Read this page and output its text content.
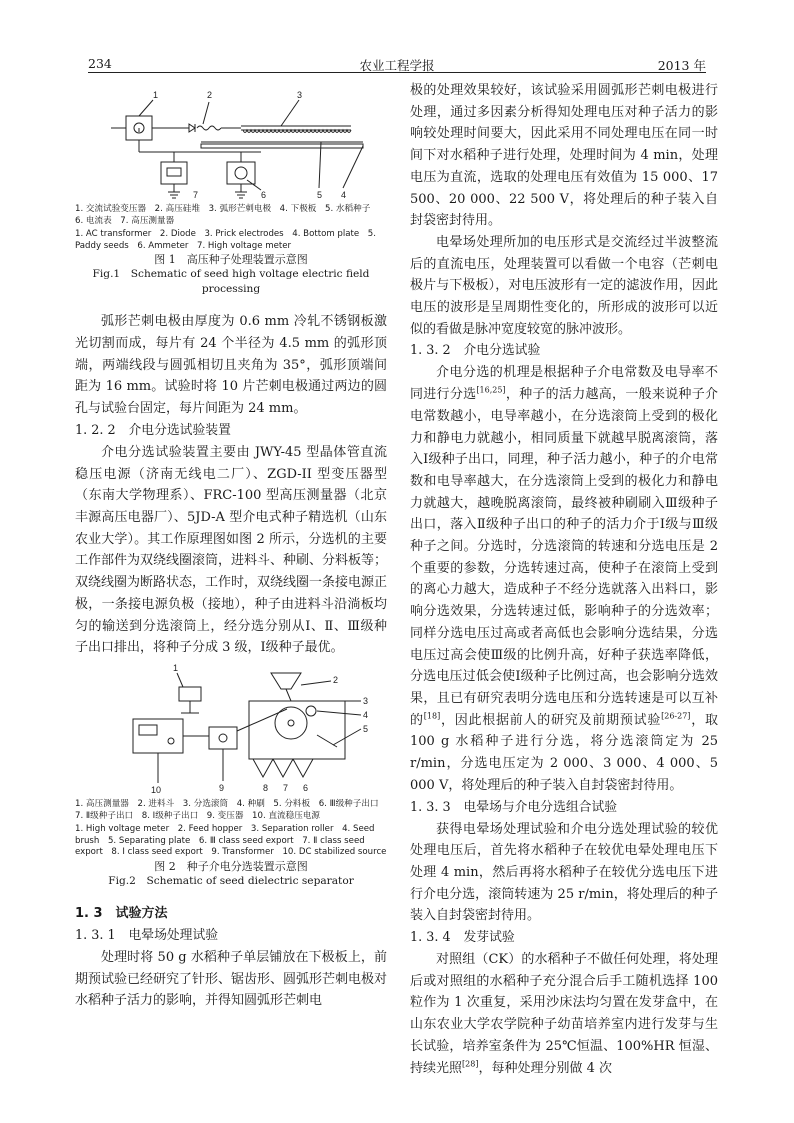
234	农业工程学报	2013 年
1	2	3
4
5
6
7
1. 交流试验变压器　2. 高压硅堆　3. 弧形芒刺电极　4. 下极板　5. 水稻种子　6. 电流表　7. 高压测量器
1. AC transformer　2. Diode　3. Prick electrodes　4. Bottom plate　5. Paddy seeds　6. Ammeter　7. High voltage meter
图 1　高压种子处理装置示意图
Fig.1　Schematic of seed high voltage electric field processing

弧形芒刺电极由厚度为 0.6 mm 冷轧不锈钢板激光切割而成，每片有 24 个半径为 4.5 mm 的弧形顶端，两端线段与圆弧相切且夹角为 35°，弧形顶端间距为 16 mm。试验时将 10 片芒刺电极通过两边的圆孔与试验台固定，每片间距为 24 mm。

1. 2. 2　介电分选试验装置

介电分选试验装置主要由 JWY-45 型晶体管直流稳压电源（济南无线电二厂）、ZGD-II 型变压器型（东南大学物理系）、FRC-100 型高压测量器（北京丰源高压电器厂）、5JD-A 型介电式种子精选机（山东农业大学）。其工作原理图如图 2 所示，分选机的主要工作部件为双绕线圈滚筒，进料斗、种刷、分料板等；双绕线圈为断路状态，工作时，双绕线圈一条接电源正极，一条接电源负极（接地），种子由进料斗沿淌板均匀的输送到分选滚筒上，经分选分别从Ⅰ、Ⅱ、Ⅲ级种子出口排出，将种子分成 3 级，Ⅰ级种子最优。

1
2
3
4
5
6
7
8
9
10
1. 高压测量器　2. 进料斗　3. 分选滚筒　4. 种刷　5. 分料板　6. Ⅲ级种子出口　7. Ⅱ级种子出口　8. Ⅰ级种子出口　9. 变压器　10. 直流稳压电源
1. High voltage meter　2. Feed hopper　3. Separation roller　4. Seed brush　5. Separating plate　6. Ⅲ class seed export　7. Ⅱ class seed export　8. Ⅰ class seed export　9. Transformer　10. DC stabilized source
图 2　种子介电分选装置示意图
Fig.2　Schematic of seed dielectric separator
1. 3　试验方法
1. 3. 1　电晕场处理试验

处理时将 50 g 水稻种子单层铺放在下极板上，前期预试验已经研究了针形、锯齿形、圆弧形芒刺电极对水稻种子活力的影响，并得知圆弧形芒刺电

极的处理效果较好，该试验采用圆弧形芒刺电极进行处理，通过多因素分析得知处理电压对种子活力的影响较处理时间要大，因此采用不同处理电压在同一时间下对水稻种子进行处理，处理时间为 4 min，处理电压为直流，选取的处理电压有效值为 15 000、17 500、20 000、22 500 V，将处理后的种子装入自封袋密封待用。

电晕场处理所加的电压形式是交流经过半波整流后的直流电压，处理装置可以看做一个电容（芒刺电极片与下极板），对电压波形有一定的滤波作用，因此电压的波形是呈周期性变化的，所形成的波形可以近似的看做是脉冲宽度较宽的脉冲波形。

1. 3. 2　介电分选试验

介电分选的机理是根据种子介电常数及电导率不同进行分选[16,25]，种子的活力越高，一般来说种子介电常数越小，电导率越小，在分选滚筒上受到的极化力和静电力就越小，相同质量下就越早脱离滚筒，落入Ⅰ级种子出口，同理，种子活力越小，种子的介电常数和电导率越大，在分选滚筒上受到的极化力和静电力就越大，越晚脱离滚筒，最终被种刷刷入Ⅲ级种子出口，落入Ⅱ级种子出口的种子的活力介于Ⅰ级与Ⅲ级种子之间。分选时，分选滚筒的转速和分选电压是 2 个重要的参数，分选转速过高，使种子在滚筒上受到的离心力越大，造成种子不经分选就落入出料口，影响分选效果，分选转速过低，影响种子的分选效率；同样分选电压过高或者高低也会影响分选结果，分选电压过高会使Ⅲ级的比例升高，好种子获选率降低，分选电压过低会使Ⅰ级种子比例过高，也会影响分选效果，且已有研究表明分选电压和分选转速是可以互补的[18]，因此根据前人的研究及前期预试验[26-27]，取 100 g 水稻种子进行分选，将分选滚筒定为 25 r/min，分选电压定为 2 000、3 000、4 000、5 000 V，将处理后的种子装入自封袋密封待用。

1. 3. 3　电晕场与介电分选组合试验

获得电晕场处理试验和介电分选处理试验的较优处理电压后，首先将水稻种子在较优电晕处理电压下处理 4 min，然后再将水稻种子在较优分选电压下进行介电分选，滚筒转速为 25 r/min，将处理后的种子装入自封袋密封待用。

1. 3. 4　发芽试验

对照组（CK）的水稻种子不做任何处理，将处理后或对照组的水稻种子充分混合后手工随机选择 100 粒作为 1 次重复，采用沙床法均匀置在发芽盒中，在山东农业大学农学院种子幼苗培养室内进行发芽与生长试验，培养室条件为 25℃恒温、100%HR 恒湿、持续光照[28]，每种处理分别做 4 次
